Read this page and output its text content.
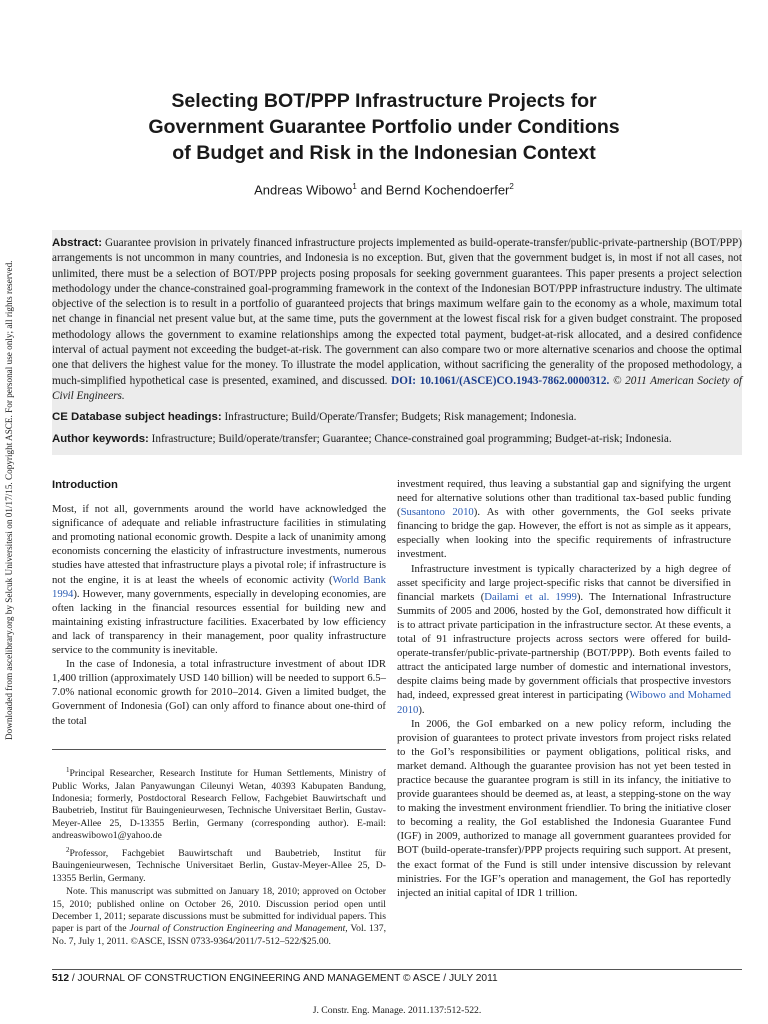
Downloaded from ascelibrary.org by Selcuk Universitesi on 01/17/15. Copyright ASCE. For personal use only; all rights reserved.
Selecting BOT/PPP Infrastructure Projects for
Government Guarantee Portfolio under Conditions
of Budget and Risk in the Indonesian Context
Andreas Wibowo$^1$ and Bernd Kochendoerfer$^2$

Abstract: Guarantee provision in privately financed infrastructure projects implemented as build-operate-transfer/public-private-partnership (BOT/PPP) arrangements is not uncommon in many countries, and Indonesia is no exception. But, given that the government budget is, in most if not all cases, not unlimited, there must be a selection of BOT/PPP projects posing proposals for seeking government guarantees. This paper presents a project selection methodology under the chance-constrained goal-programming framework in the context of the Indonesian BOT/PPP infrastructure industry. The ultimate objective of the selection is to result in a portfolio of guaranteed projects that brings maximum welfare gain to the economy as a whole, maximum total net change in financial net present value but, at the same time, puts the government at the lowest fiscal risk for a given budget constraint. The proposed methodology allows the government to examine relationships among the expected total payment, budget-at-risk allocated, and a desired confidence interval of actual payment not exceeding the budget-at-risk. The government can also compare two or more alternative scenarios and choose the optimal one that delivers the highest value for the money. To illustrate the model application, without sacrificing the generality of the proposed methodology, a much-simplified hypothetical case is presented, examined, and discussed. DOI: 10.1061/(ASCE)CO.1943-7862.0000312. © 2011 American Society of Civil Engineers.

CE Database subject headings: Infrastructure; Build/Operate/Transfer; Budgets; Risk management; Indonesia.

Author keywords: Infrastructure; Build/operate/transfer; Guarantee; Chance-constrained goal programming; Budget-at-risk; Indonesia.

Introduction

Most, if not all, governments around the world have acknowledged the significance of adequate and reliable infrastructure facilities in stimulating and promoting national economic growth. Despite a lack of unanimity among economists concerning the elasticity of infrastructure investments, numerous studies have attested that infrastructure plays a pivotal role; if infrastructure is not the engine, it is at least the wheels of economic activity (World Bank 1994). However, many governments, especially in developing economies, are often lacking in the financial resources essential for building new and maintaining existing infrastructure facilities. Exacerbated by low efficiency and lack of transparency in their management, poor quality infrastructure service to the community is inevitable.

In the case of Indonesia, a total infrastructure investment of about IDR 1,400 trillion (approximately USD 140 billion) will be needed to support 6.5–7.0% national economic growth for 2010–2014. Given a limited budget, the Government of Indonesia (GoI) can only afford to finance about one-third of the total

$^1$Principal Researcher, Research Institute for Human Settlements, Ministry of Public Works, Jalan Panyawungan Cileunyi Wetan, 40393 Kabupaten Bandung, Indonesia; formerly, Postdoctoral Research Fellow, Fachgebiet Bauwirtschaft und Baubetrieb, Institut für Bauingenieurwesen, Technische Universitaet Berlin, Gustav-Meyer-Allee 25, D-13355 Berlin, Germany (corresponding author). E-mail: andreaswibowo1@yahoo.de

$^2$Professor, Fachgebiet Bauwirtschaft und Baubetrieb, Institut für Bauingenieurwesen, Technische Universitaet Berlin, Gustav-Meyer-Allee 25, D-13355 Berlin, Germany.

Note. This manuscript was submitted on January 18, 2010; approved on October 15, 2010; published online on October 26, 2010. Discussion period open until December 1, 2011; separate discussions must be submitted for individual papers. This paper is part of the Journal of Construction Engineering and Management, Vol. 137, No. 7, July 1, 2011. ©ASCE, ISSN 0733-9364/2011/7-512–522/$25.00.

investment required, thus leaving a substantial gap and signifying the urgent need for alternative solutions other than traditional tax-based public funding (Susantono 2010). As with other governments, the GoI seeks private financing to bridge the gap. However, the effort is not as simple as it appears, especially when looking into the specific requirements of infrastructure investment.

Infrastructure investment is typically characterized by a high degree of asset specificity and large project-specific risks that cannot be diversified in financial markets (Dailami et al. 1999). The International Infrastructure Summits of 2005 and 2006, hosted by the GoI, demonstrated how difficult it is to attract private participation in the infrastructure sector. At these events, a total of 91 infrastructure projects across sectors were offered for build-operate-transfer/public-private-partnership (BOT/PPP). Both events failed to attract the anticipated large number of domestic and international investors, despite claims being made by government officials that prospective investors had, indeed, expressed great interest in participating (Wibowo and Mohamed 2010).

In 2006, the GoI embarked on a new policy reform, including the provision of guarantees to protect private investors from project risks related to the GoI’s responsibilities or payment obligations, political risks, and market demand. Although the guarantee provision has not yet been tested in practice because the guarantee program is still in its infancy, the initiative to provide guarantees should be deemed as, at least, a stepping-stone on the way to making the investment environment friendlier. To bring the initiative closer to becoming a reality, the GoI established the Indonesia Guarantee Fund (IGF) in 2009, authorized to manage all government guarantees provided for BOT (build-operate-transfer)/PPP projects requiring such support. At present, the exact format of the Fund is still under intensive discussion by relevant ministries. For the IGF’s operation and management, the GoI has reportedly injected an initial capital of IDR 1 trillion.

512 / JOURNAL OF CONSTRUCTION ENGINEERING AND MANAGEMENT © ASCE / JULY 2011
J. Constr. Eng. Manage. 2011.137:512-522.
